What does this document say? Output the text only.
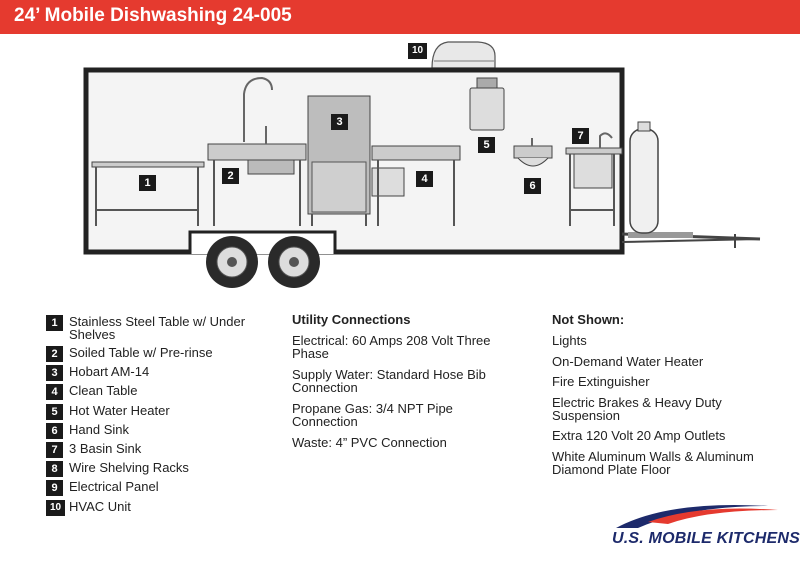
24’ Mobile Dishwashing 24-005
1
2
3
4
5
6
7
10
1 Stainless Steel Table w/ Under Shelves
2 Soiled Table w/ Pre-rinse
3 Hobart AM-14
4 Clean Table
5 Hot Water Heater
6 Hand Sink
7 3 Basin Sink
8 Wire Shelving Racks
9 Electrical Panel
10 HVAC Unit
Utility Connections
Electrical: 60 Amps 208 Volt Three Phase
Supply Water: Standard Hose Bib Connection
Propane Gas: 3/4 NPT Pipe Connection
Waste: 4” PVC Connection
Not Shown:
Lights
On-Demand Water Heater
Fire Extinguisher
Electric Brakes & Heavy Duty Suspension
Extra 120 Volt 20 Amp Outlets
White Aluminum Walls & Aluminum Diamond Plate Floor
U.S. MOBILE KITCHENS
